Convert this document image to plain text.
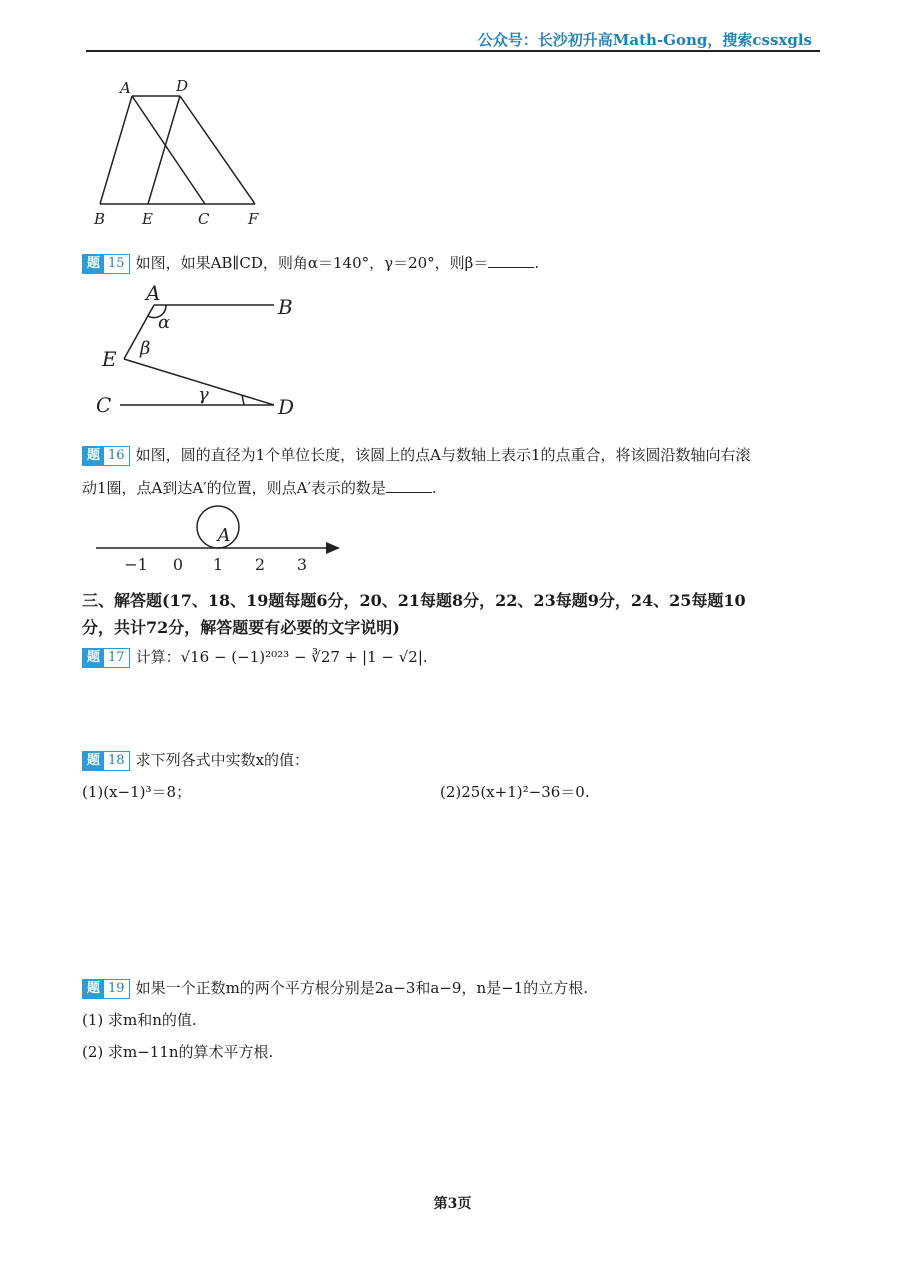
公众号：长沙初升高Math-Gong，搜索cssxgls
A	D
B E	C	F
题 15 如图，如果AB∥CD，则角α＝140°，γ＝20°，则β＝	.
A
B
E
C	D
α
β
γ
题 16 如图，圆的直径为1个单位长度，该圆上的点A与数轴上表示1的点重合，将该圆沿数轴向右滚
动1圈，点A到达A′的位置，则点A′表示的数是	.
−1 0 1 2 3
A
三、解答题(17、18、19题每题6分，20、21每题8分，22、23每题9分，24、25每题10
分，共计72分，解答题要有必要的文字说明)
题 17 计算：√16 − (−1)²⁰²³ − ∛27 + |1 − √2|.
题 18 求下列各式中实数x的值：
(1)(x−1)³＝8；	(2)25(x+1)²−36＝0.
题 19 如果一个正数m的两个平方根分别是2a−3和a−9，n是−1的立方根.
(1) 求m和n的值.
(2) 求m−11n的算术平方根.
第3页
